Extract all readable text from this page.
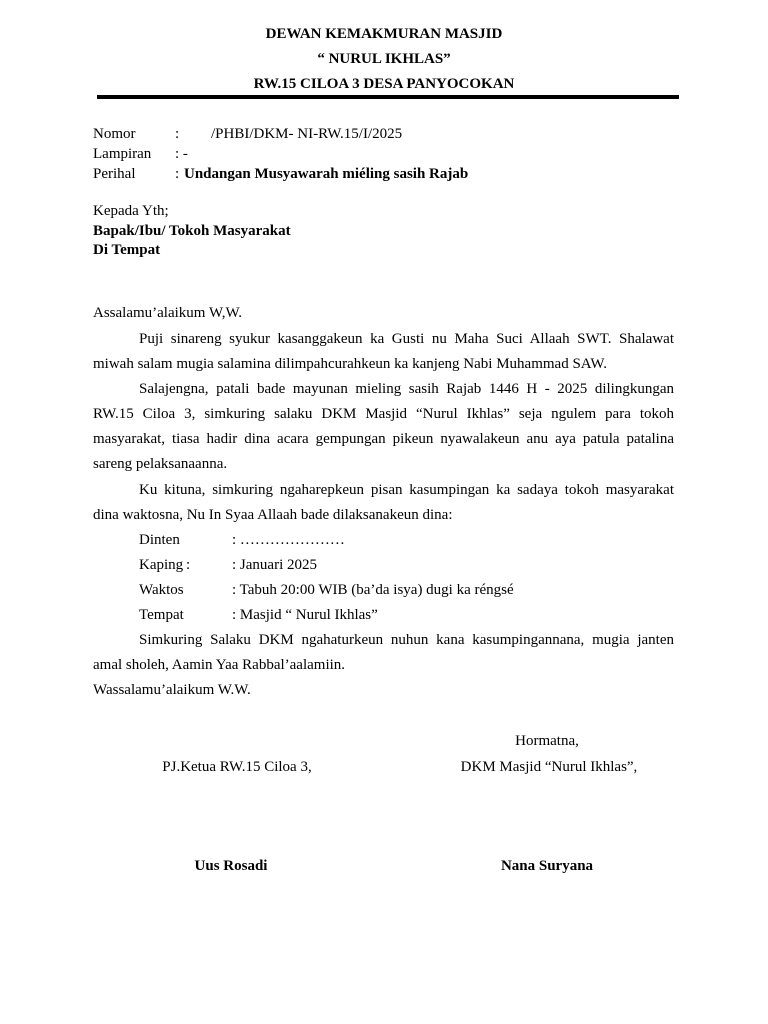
DEWAN KEMAKMURAN MASJID
“ NURUL IKHLAS”
RW.15 CILOA 3 DESA PANYOCOKAN
Nomor	: /PHBI/DKM- NI-RW.15/I/2025
Lampiran : -
Perihal	: Undangan Musyawarah miéling sasih Rajab
Kepada Yth;
Bapak/Ibu/ Tokoh Masyarakat
Di Tempat
Assalamu’alaikum W,W.
Puji sinareng syukur kasanggakeun ka Gusti nu Maha Suci Allaah SWT. Shalawat
miwah salam mugia salamina dilimpahcurahkeun ka kanjeng Nabi Muhammad SAW.
Salajengna, patali bade mayunan mieling sasih Rajab 1446 H - 2025 dilingkungan
RW.15 Ciloa 3, simkuring salaku DKM Masjid “Nurul Ikhlas” seja ngulem para tokoh
masyarakat, tiasa hadir dina acara gempungan pikeun nyawalakeun anu aya patula patalina
sareng pelaksanaanna.
Ku kituna, simkuring ngaharepkeun pisan kasumpingan ka sadaya tokoh masyarakat
dina waktosna, Nu In Syaa Allaah bade dilaksanakeun dina:
Dinten	: …………………
Kaping :	: Januari 2025
Waktos	: Tabuh 20:00 WIB (ba’da isya) dugi ka réngsé
Tempat	: Masjid “ Nurul Ikhlas”
Simkuring Salaku DKM ngahaturkeun nuhun kana kasumpingannana, mugia janten
amal sholeh, Aamin Yaa Rabbal’aalamiin.
Wassalamu’alaikum W.W.
Hormatna,
PJ.Ketua RW.15 Ciloa 3,	DKM Masjid “Nurul Ikhlas”,
Uus Rosadi	Nana Suryana
